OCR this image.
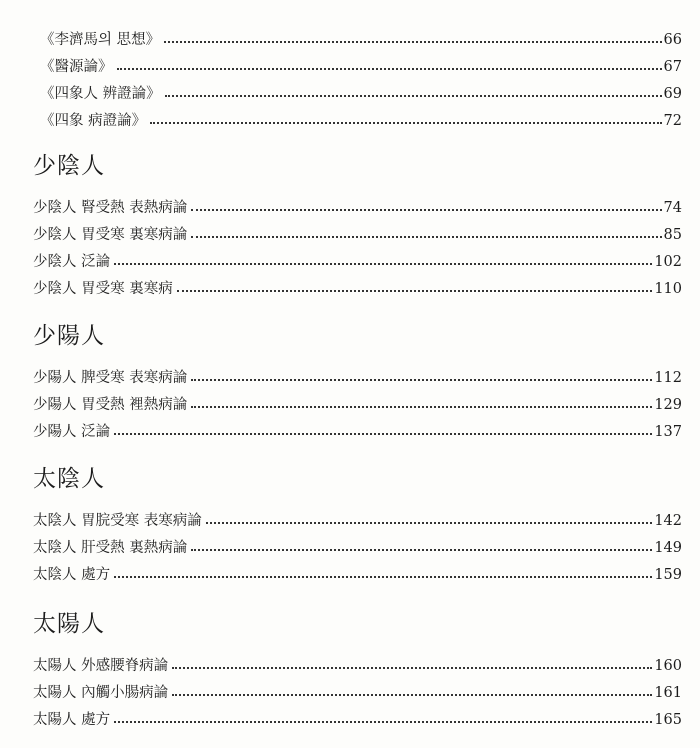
《李濟馬의 思想》	66
《醫源論》	67
《四象人 辨證論》	69
《四象 病證論》	72
少陰人
少陰人 腎受熱 表熱病論	74
少陰人 胃受寒 裏寒病論	85
少陰人 泛論	102
少陰人 胃受寒 裏寒病	110
少陽人
少陽人 脾受寒 表寒病論	112
少陽人 胃受熱 裡熱病論	129
少陽人 泛論	137
太陰人
太陰人 胃脘受寒 表寒病論	142
太陰人 肝受熱 裏熱病論	149
太陰人 處方	159
太陽人
太陽人 外感腰脊病論	160
太陽人 內觸小腸病論	161
太陽人 處方	165
